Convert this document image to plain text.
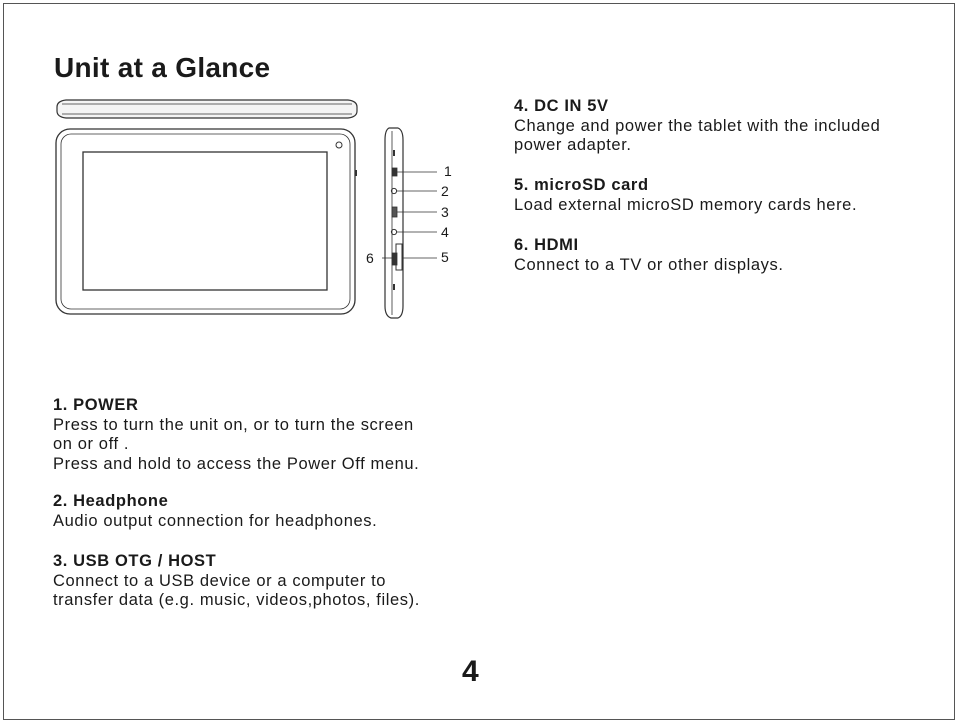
Unit at a Glance
1
2
3
4
5
6
4. DC IN 5V
Change and power the tablet with the included
power adapter.
5. microSD card
Load external microSD memory cards here.
6. HDMI
Connect to a TV or other displays.
1. POWER
Press to turn the unit on, or to turn the screen
on or off .
Press and hold to access the Power Off menu.
2. Headphone
Audio output connection for headphones.
3. USB OTG / HOST
Connect to a USB device or a computer to
transfer data (e.g. music, videos,photos, files).
4
